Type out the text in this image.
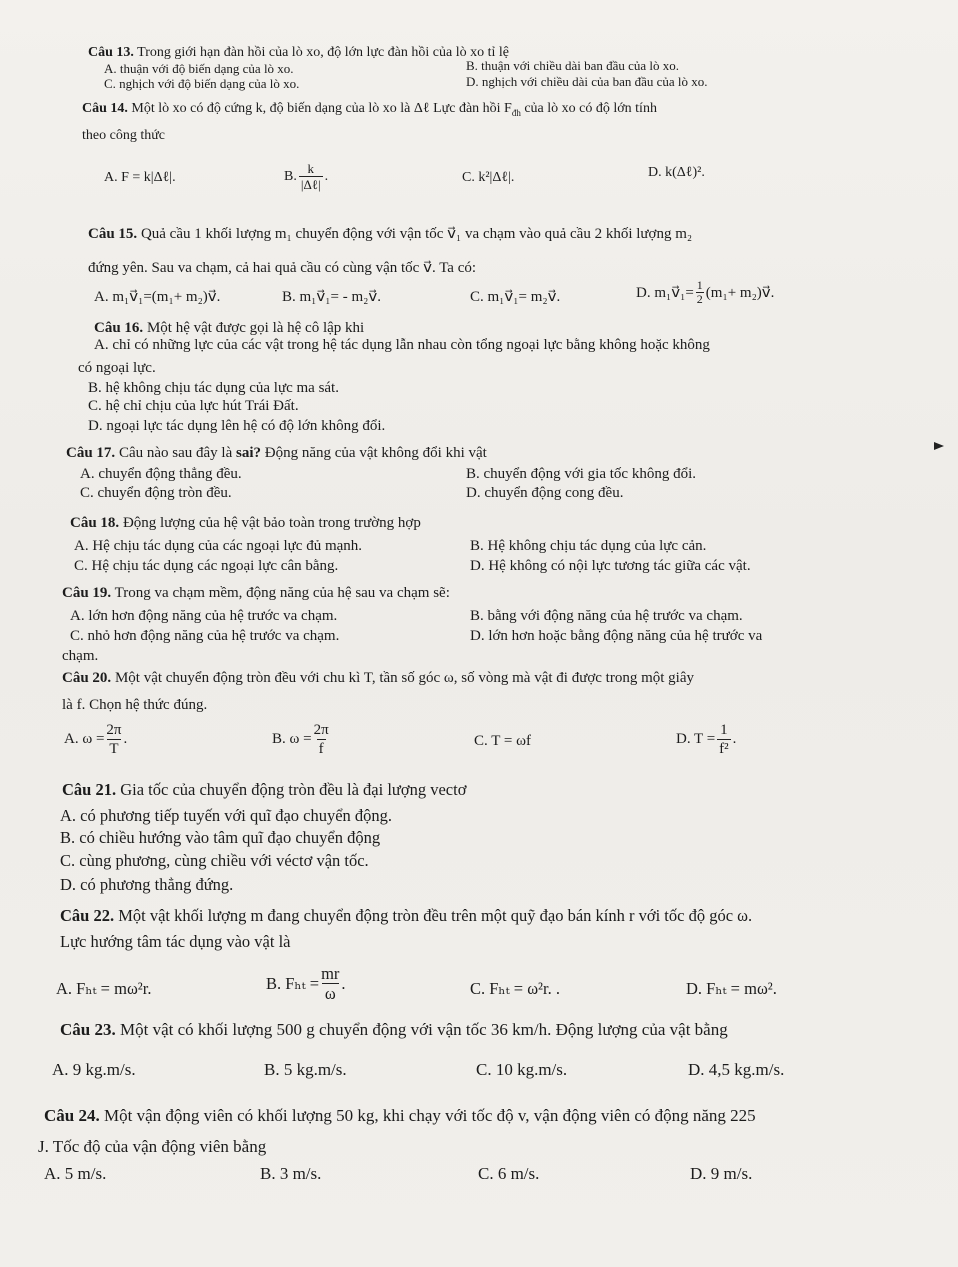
Câu 13. Trong giới hạn đàn hồi của lò xo, độ lớn lực đàn hồi của lò xo tỉ lệ
A. thuận với độ biến dạng của lò xo.	B. thuận với chiều dài ban đầu của lò xo.
C. nghịch với độ biến dạng của lò xo.	D. nghịch với chiều dài của ban đầu của lò xo.
Câu 14. Một lò xo có độ cứng k, độ biến dạng của lò xo là Δℓ Lực đàn hồi $F_{đh}$ của lò xo có độ lớn tính
theo công thức
A. F = k|Δℓ|.	B.
k
|Δℓ|
.	C. k²|Δℓ|.	D. k(Δℓ)².
Câu 15. Quả cầu 1 khối lượng m₁ chuyển động với vận tốc v⃗₁ va chạm vào quả cầu 2 khối lượng m₂
đứng yên. Sau va chạm, cả hai quả cầu có cùng vận tốc v⃗. Ta có:
A. m₁v⃗₁=(m₁+ m₂)v⃗.	B. m₁v⃗₁= - m₂v⃗.	C. m₁v⃗₁= m₂v⃗.	D. m₁v⃗₁= $\frac{1}{2} (m_1+$ m₂)v⃗.
Câu 16. Một hệ vật được gọi là hệ cô lập khi
A. chỉ có những lực của các vật trong hệ tác dụng lẫn nhau còn tổng ngoại lực bằng không hoặc không
có ngoại lực.
B. hệ không chịu tác dụng của lực ma sát.
C. hệ chỉ chịu của lực hút Trái Đất.
D. ngoại lực tác dụng lên hệ có độ lớn không đổi.
Câu 17. Câu nào sau đây là sai? Động năng của vật không đổi khi vật
A. chuyển động thẳng đều.	B. chuyển động với gia tốc không đổi.
C. chuyển động tròn đều.	D. chuyển động cong đều.
Câu 18. Động lượng của hệ vật bảo toàn trong trường hợp
A. Hệ chịu tác dụng của các ngoại lực đủ mạnh.	B. Hệ không chịu tác dụng của lực cản.
C. Hệ chịu tác dụng các ngoại lực cân bằng.	D. Hệ không có nội lực tương tác giữa các vật.
Câu 19. Trong va chạm mềm, động năng của hệ sau va chạm sẽ:
A. lớn hơn động năng của hệ trước va chạm.	B. bằng với động năng của hệ trước va chạm.
C. nhỏ hơn động năng của hệ trước va chạm.	D. lớn hơn hoặc bằng động năng của hệ trước va
chạm.
Câu 20. Một vật chuyển động tròn đều với chu kì T, tần số góc ω, số vòng mà vật đi được trong một giây
là f. Chọn hệ thức đúng.
A. $\omega = \frac{2\pi}{T}$ .	B. $\omega = \frac{2\pi}{f}$	C. T = ωf	D. $T = \frac{1}{\text{f²}}$ .
Câu 21. Gia tốc của chuyển động tròn đều là đại lượng vectơ
A. có phương tiếp tuyến với quĩ đạo chuyển động.
B. có chiều hướng vào tâm quĩ đạo chuyển động
C. cùng phương, cùng chiều với véctơ vận tốc.
D. có phương thẳng đứng.
Câu 22. Một vật khối lượng m đang chuyển động tròn đều trên một quỹ đạo bán kính r với tốc độ góc ω.
Lực hướng tâm tác dụng vào vật là
A. Fₕₜ = mω²r.	B. $F_{ht} = \frac{mr}{\omega}$ .	C. Fₕₜ = ω²r. .	D. Fₕₜ = mω².
Câu 23. Một vật có khối lượng 500 g chuyển động với vận tốc 36 km/h. Động lượng của vật bằng
A. 9 kg.m/s.	B. 5 kg.m/s.	C. 10 kg.m/s.	D. 4,5 kg.m/s.
Câu 24. Một vận động viên có khối lượng 50 kg, khi chạy với tốc độ v, vận động viên có động năng 225
J. Tốc độ của vận động viên bằng
A. 5 m/s.	B. 3 m/s.	C. 6 m/s.	D. 9 m/s.
